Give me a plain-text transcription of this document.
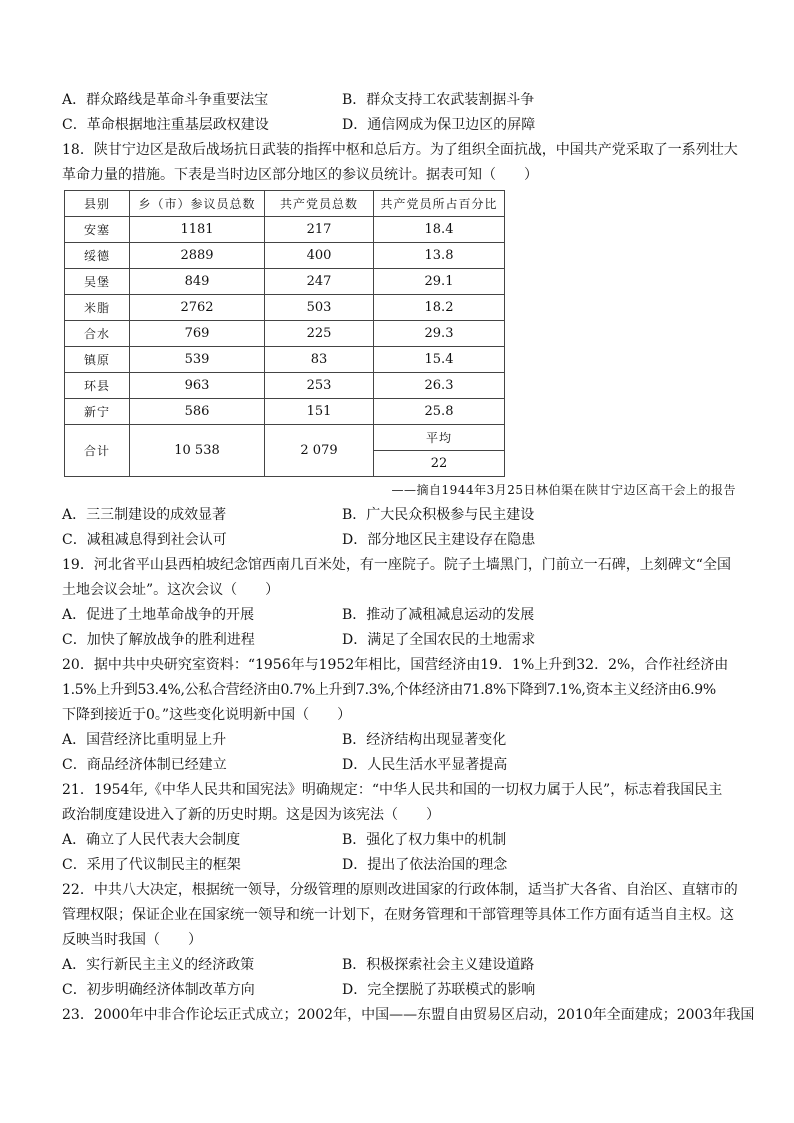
A．群众路线是革命斗争重要法宝	B．群众支持工农武装割据斗争
C．革命根据地注重基层政权建设	D．通信网成为保卫边区的屏障
18．陕甘宁边区是敌后战场抗日武装的指挥中枢和总后方。为了组织全面抗战，中国共产党采取了一系列壮大
革命力量的措施。下表是当时边区部分地区的参议员统计。据表可知（　　）
县别	乡（市）参议员总数	共产党员总数	共产党员所占百分比
安塞	1181	217	18.4
绥德	2889	400	13.8
吴堡	849	247	29.1
米脂	2762	503	18.2
合水	769	225	29.3
镇原	539	83	15.4
环县	963	253	26.3
新宁	586	151	25.8
合计	10 538	2 079	平均
			22
——摘自1944年3月25日林伯渠在陕甘宁边区高干会上的报告
A．三三制建设的成效显著	B．广大民众积极参与民主建设
C．减租减息得到社会认可	D．部分地区民主建设存在隐患
19．河北省平山县西柏坡纪念馆西南几百米处，有一座院子。院子土墙黑门，门前立一石碑，上刻碑文“全国
土地会议会址”。这次会议（　　）
A．促进了土地革命战争的开展	B．推动了减租减息运动的发展
C．加快了解放战争的胜利进程	D．满足了全国农民的土地需求
20．据中共中央研究室资料：“1956年与1952年相比，国营经济由19．1%上升到32．2%，合作社经济由
1.5%上升到53.4%,公私合营经济由0.7%上升到7.3%,个体经济由71.8%下降到7.1%,资本主义经济由6.9%
下降到接近于0。”这些变化说明新中国（　　）
A．国营经济比重明显上升	B．经济结构出现显著变化
C．商品经济体制已经建立	D．人民生活水平显著提高
21．1954年,《中华人民共和国宪法》明确规定：“中华人民共和国的一切权力属于人民”，标志着我国民主
政治制度建设进入了新的历史时期。这是因为该宪法（　　）
A．确立了人民代表大会制度	B．强化了权力集中的机制
C．采用了代议制民主的框架	D．提出了依法治国的理念
22．中共八大决定，根据统一领导，分级管理的原则改进国家的行政体制，适当扩大各省、自治区、直辖市的
管理权限；保证企业在国家统一领导和统一计划下，在财务管理和干部管理等具体工作方面有适当自主权。这
反映当时我国（　　）
A．实行新民主主义的经济政策	B．积极探索社会主义建设道路
C．初步明确经济体制改革方向	D．完全摆脱了苏联模式的影响
23．2000年中非合作论坛正式成立；2002年，中国——东盟自由贸易区启动，2010年全面建成；2003年我国
